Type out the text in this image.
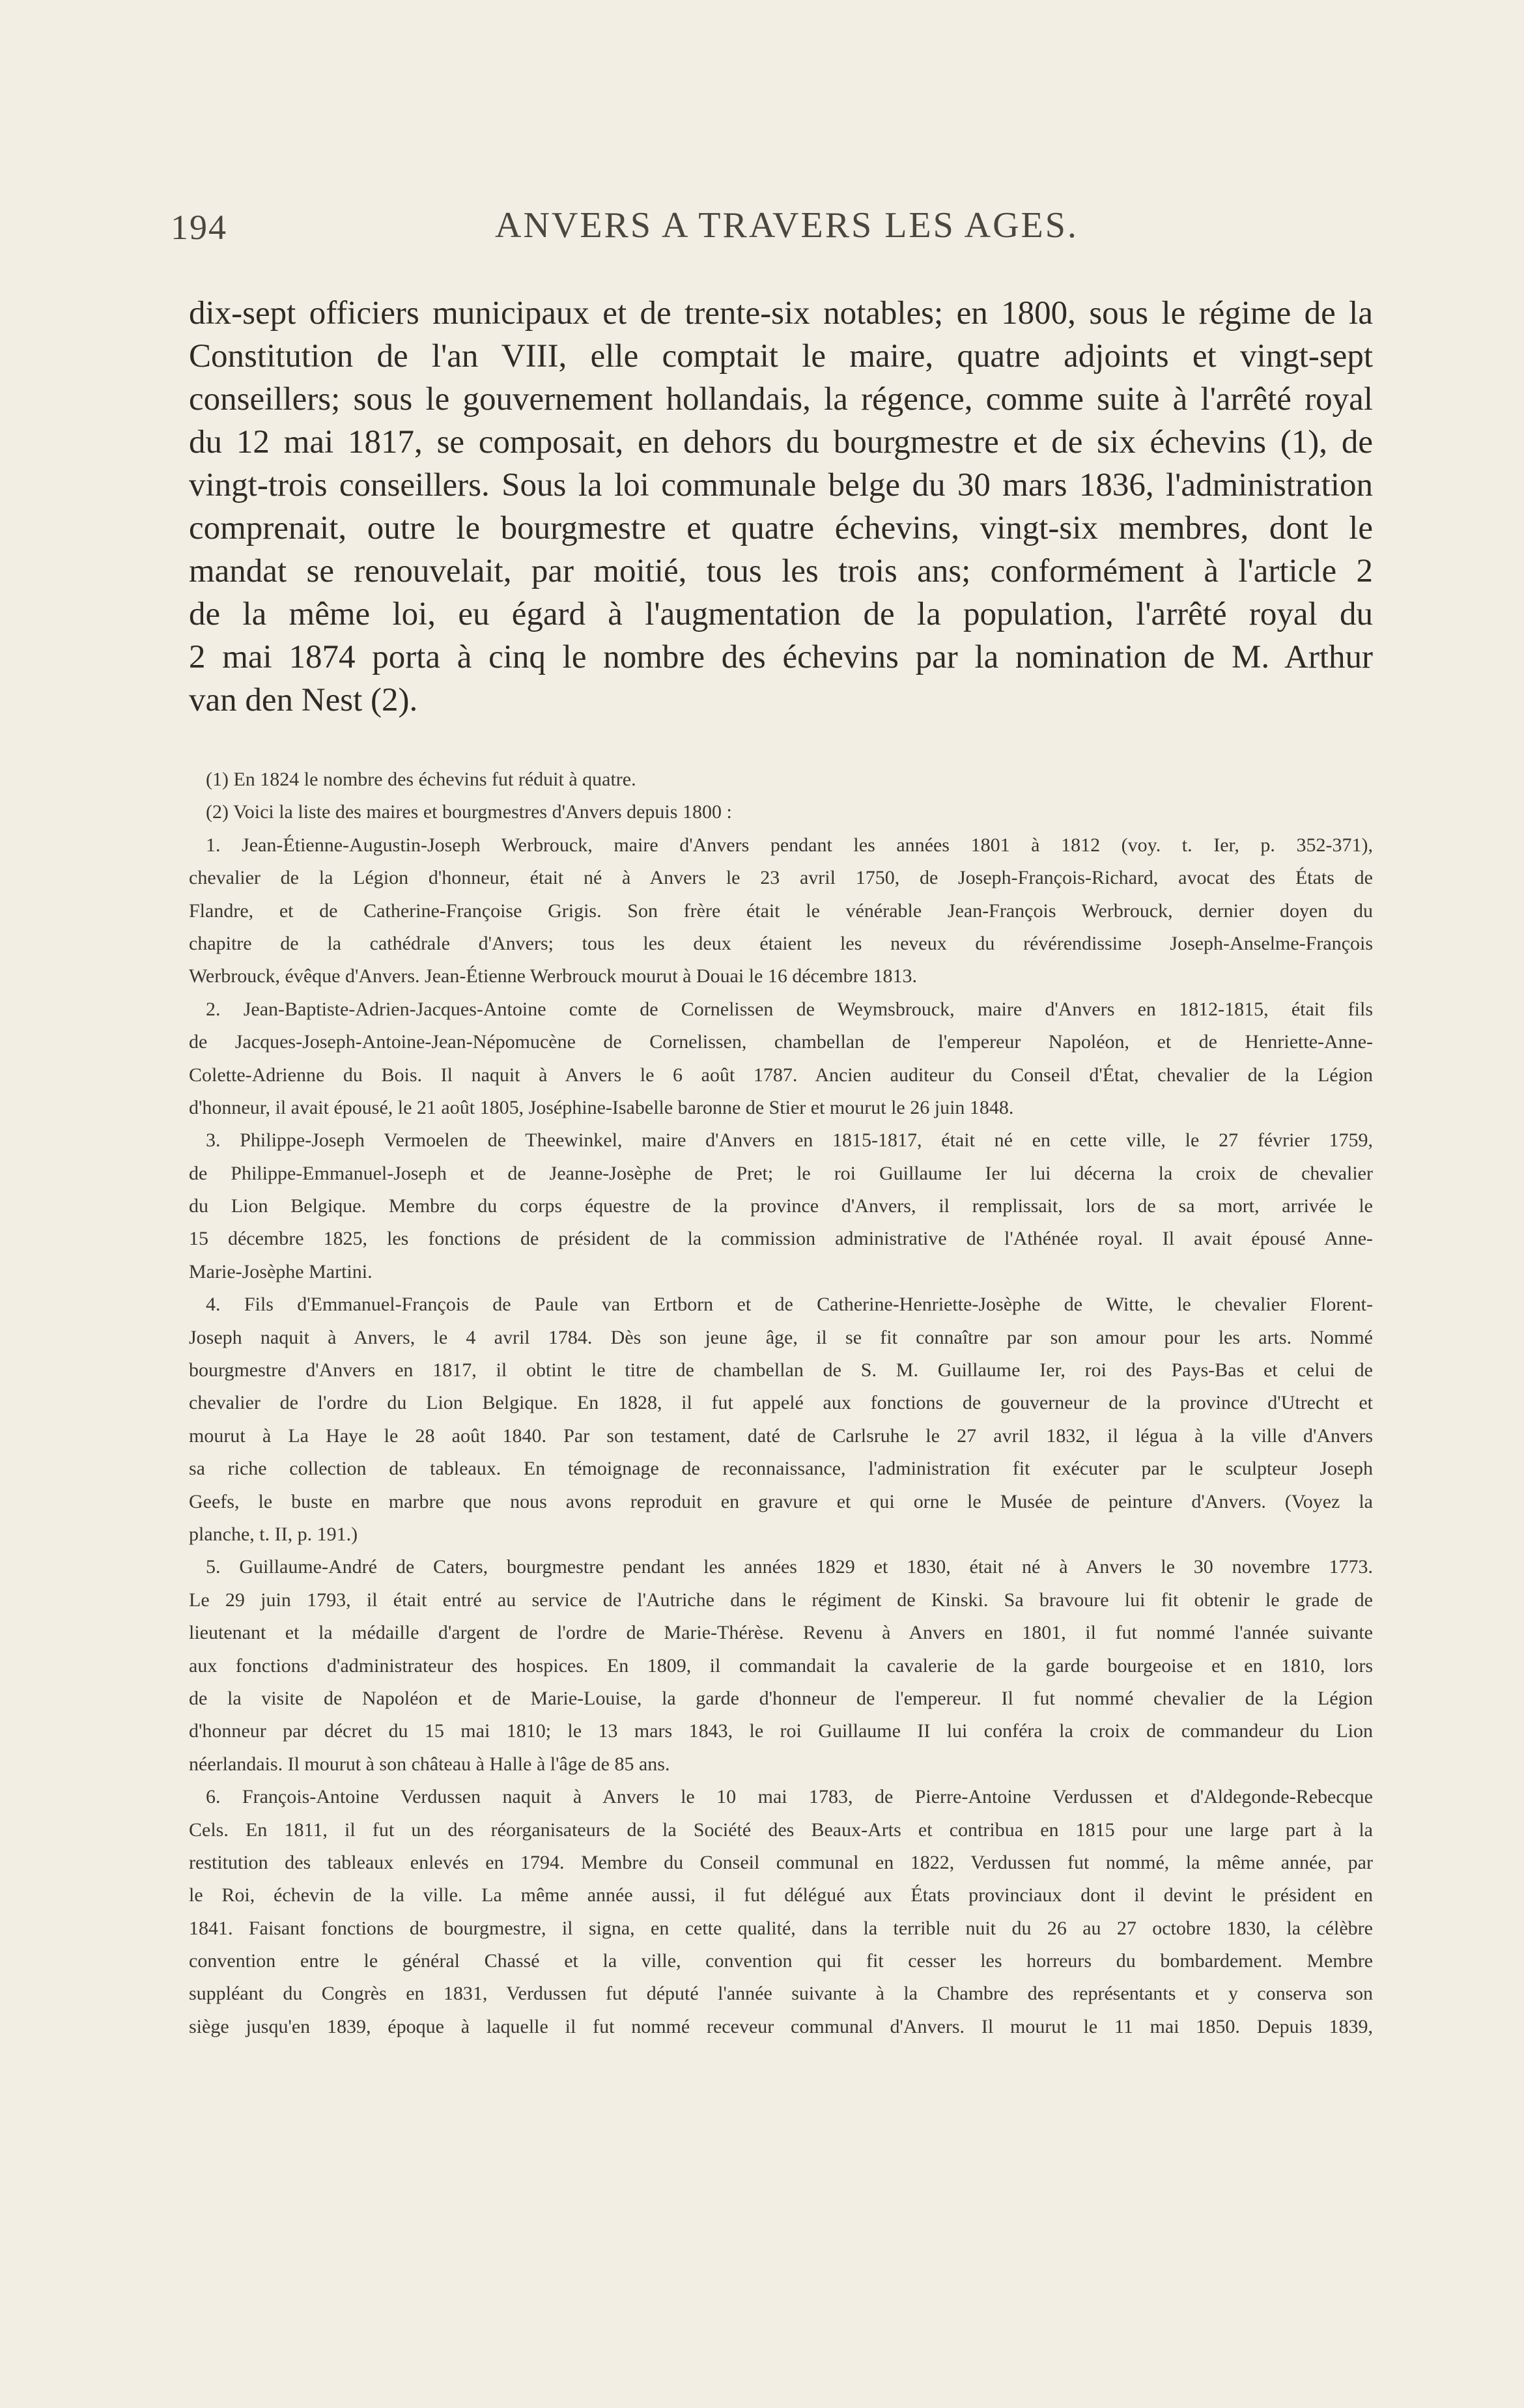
194	ANVERS A TRAVERS LES AGES.
dix-sept officiers municipaux et de trente-six notables; en 1800, sous le régime de la
Constitution de l'an VIII, elle comptait le maire, quatre adjoints et vingt-sept
conseillers; sous le gouvernement hollandais, la régence, comme suite à l'arrêté royal
du 12 mai 1817, se composait, en dehors du bourgmestre et de six échevins (1), de
vingt-trois conseillers. Sous la loi communale belge du 30 mars 1836, l'administration
comprenait, outre le bourgmestre et quatre échevins, vingt-six membres, dont le
mandat se renouvelait, par moitié, tous les trois ans; conformément à l'article 2
de la même loi, eu égard à l'augmentation de la population, l'arrêté royal du
2 mai 1874 porta à cinq le nombre des échevins par la nomination de M. Arthur
van den Nest (2).
(1) En 1824 le nombre des échevins fut réduit à quatre.
(2) Voici la liste des maires et bourgmestres d'Anvers depuis 1800 :
1. Jean-Étienne-Augustin-Joseph Werbrouck, maire d'Anvers pendant les années 1801 à 1812 (voy. t. Ier, p. 352-371),
chevalier de la Légion d'honneur, était né à Anvers le 23 avril 1750, de Joseph-François-Richard, avocat des États de
Flandre, et de Catherine-Françoise Grigis. Son frère était le vénérable Jean-François Werbrouck, dernier doyen du
chapitre de la cathédrale d'Anvers; tous les deux étaient les neveux du révérendissime Joseph-Anselme-François
Werbrouck, évêque d'Anvers. Jean-Étienne Werbrouck mourut à Douai le 16 décembre 1813.
2. Jean-Baptiste-Adrien-Jacques-Antoine comte de Cornelissen de Weymsbrouck, maire d'Anvers en 1812-1815, était fils
de Jacques-Joseph-Antoine-Jean-Népomucène de Cornelissen, chambellan de l'empereur Napoléon, et de Henriette-Anne-
Colette-Adrienne du Bois. Il naquit à Anvers le 6 août 1787. Ancien auditeur du Conseil d'État, chevalier de la Légion
d'honneur, il avait épousé, le 21 août 1805, Joséphine-Isabelle baronne de Stier et mourut le 26 juin 1848.
3. Philippe-Joseph Vermoelen de Theewinkel, maire d'Anvers en 1815-1817, était né en cette ville, le 27 février 1759,
de Philippe-Emmanuel-Joseph et de Jeanne-Josèphe de Pret; le roi Guillaume Ier lui décerna la croix de chevalier
du Lion Belgique. Membre du corps équestre de la province d'Anvers, il remplissait, lors de sa mort, arrivée le
15 décembre 1825, les fonctions de président de la commission administrative de l'Athénée royal. Il avait épousé Anne-
Marie-Josèphe Martini.
4. Fils d'Emmanuel-François de Paule van Ertborn et de Catherine-Henriette-Josèphe de Witte, le chevalier Florent-
Joseph naquit à Anvers, le 4 avril 1784. Dès son jeune âge, il se fit connaître par son amour pour les arts. Nommé
bourgmestre d'Anvers en 1817, il obtint le titre de chambellan de S. M. Guillaume Ier, roi des Pays-Bas et celui de
chevalier de l'ordre du Lion Belgique. En 1828, il fut appelé aux fonctions de gouverneur de la province d'Utrecht et
mourut à La Haye le 28 août 1840. Par son testament, daté de Carlsruhe le 27 avril 1832, il légua à la ville d'Anvers
sa riche collection de tableaux. En témoignage de reconnaissance, l'administration fit exécuter par le sculpteur Joseph
Geefs, le buste en marbre que nous avons reproduit en gravure et qui orne le Musée de peinture d'Anvers. (Voyez la
planche, t. II, p. 191.)
5. Guillaume-André de Caters, bourgmestre pendant les années 1829 et 1830, était né à Anvers le 30 novembre 1773.
Le 29 juin 1793, il était entré au service de l'Autriche dans le régiment de Kinski. Sa bravoure lui fit obtenir le grade de
lieutenant et la médaille d'argent de l'ordre de Marie-Thérèse. Revenu à Anvers en 1801, il fut nommé l'année suivante
aux fonctions d'administrateur des hospices. En 1809, il commandait la cavalerie de la garde bourgeoise et en 1810, lors
de la visite de Napoléon et de Marie-Louise, la garde d'honneur de l'empereur. Il fut nommé chevalier de la Légion
d'honneur par décret du 15 mai 1810; le 13 mars 1843, le roi Guillaume II lui conféra la croix de commandeur du Lion
néerlandais. Il mourut à son château à Halle à l'âge de 85 ans.
6. François-Antoine Verdussen naquit à Anvers le 10 mai 1783, de Pierre-Antoine Verdussen et d'Aldegonde-Rebecque
Cels. En 1811, il fut un des réorganisateurs de la Société des Beaux-Arts et contribua en 1815 pour une large part à la
restitution des tableaux enlevés en 1794. Membre du Conseil communal en 1822, Verdussen fut nommé, la même année, par
le Roi, échevin de la ville. La même année aussi, il fut délégué aux États provinciaux dont il devint le président en
1841. Faisant fonctions de bourgmestre, il signa, en cette qualité, dans la terrible nuit du 26 au 27 octobre 1830, la célèbre
convention entre le général Chassé et la ville, convention qui fit cesser les horreurs du bombardement. Membre
suppléant du Congrès en 1831, Verdussen fut député l'année suivante à la Chambre des représentants et y conserva son
siège jusqu'en 1839, époque à laquelle il fut nommé receveur communal d'Anvers. Il mourut le 11 mai 1850. Depuis 1839,
